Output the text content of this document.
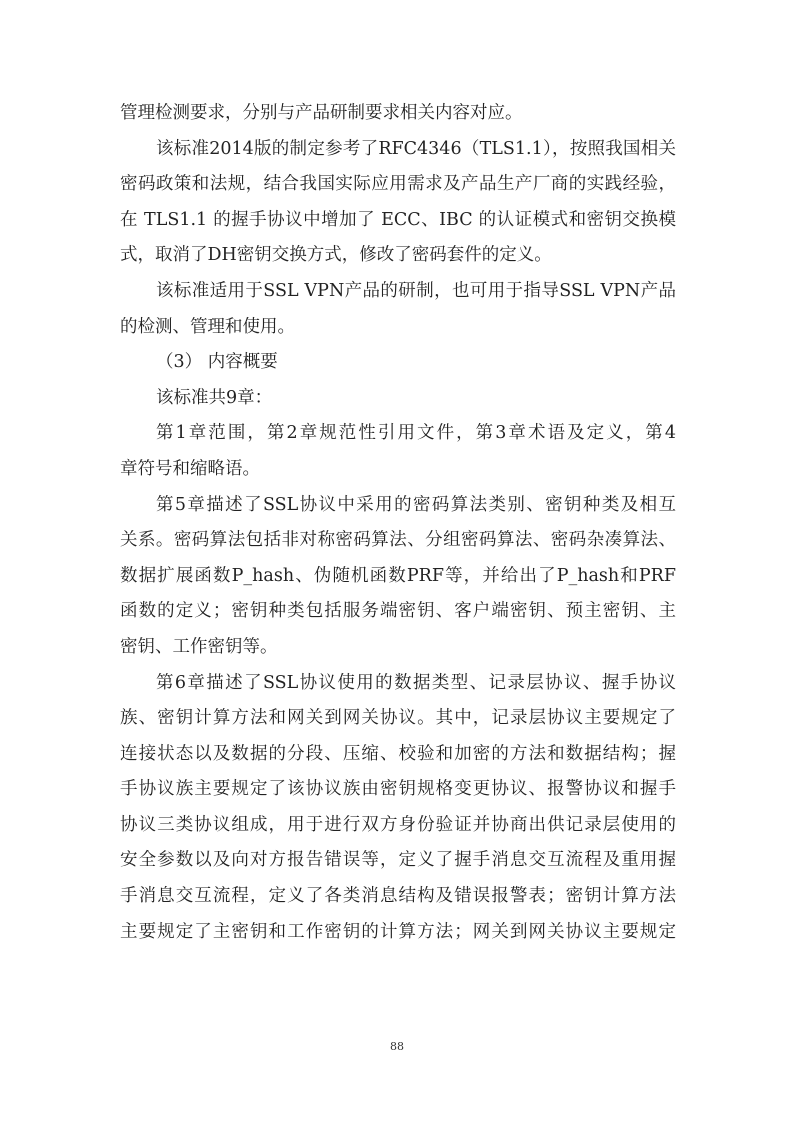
管理检测要求，分别与产品研制要求相关内容对应。
该标准2014版的制定参考了RFC4346（TLS1.1），按照我国相关
密码政策和法规，结合我国实际应用需求及产品生产厂商的实践经验，
在 TLS1.1 的握手协议中增加了 ECC、IBC 的认证模式和密钥交换模
式，取消了DH密钥交换方式，修改了密码套件的定义。
该标准适用于SSL VPN产品的研制，也可用于指导SSL VPN产品
的检测、管理和使用。
（3） 内容概要
该标准共9章：
第1章范围，第2章规范性引用文件，第3章术语及定义，第4
章符号和缩略语。
第5章描述了SSL协议中采用的密码算法类别、密钥种类及相互
关系。密码算法包括非对称密码算法、分组密码算法、密码杂凑算法、
数据扩展函数P_hash、伪随机函数PRF等，并给出了P_hash和PRF
函数的定义；密钥种类包括服务端密钥、客户端密钥、预主密钥、主
密钥、工作密钥等。
第6章描述了SSL协议使用的数据类型、记录层协议、握手协议
族、密钥计算方法和网关到网关协议。其中，记录层协议主要规定了
连接状态以及数据的分段、压缩、校验和加密的方法和数据结构；握
手协议族主要规定了该协议族由密钥规格变更协议、报警协议和握手
协议三类协议组成，用于进行双方身份验证并协商出供记录层使用的
安全参数以及向对方报告错误等，定义了握手消息交互流程及重用握
手消息交互流程，定义了各类消息结构及错误报警表；密钥计算方法
主要规定了主密钥和工作密钥的计算方法；网关到网关协议主要规定
88
